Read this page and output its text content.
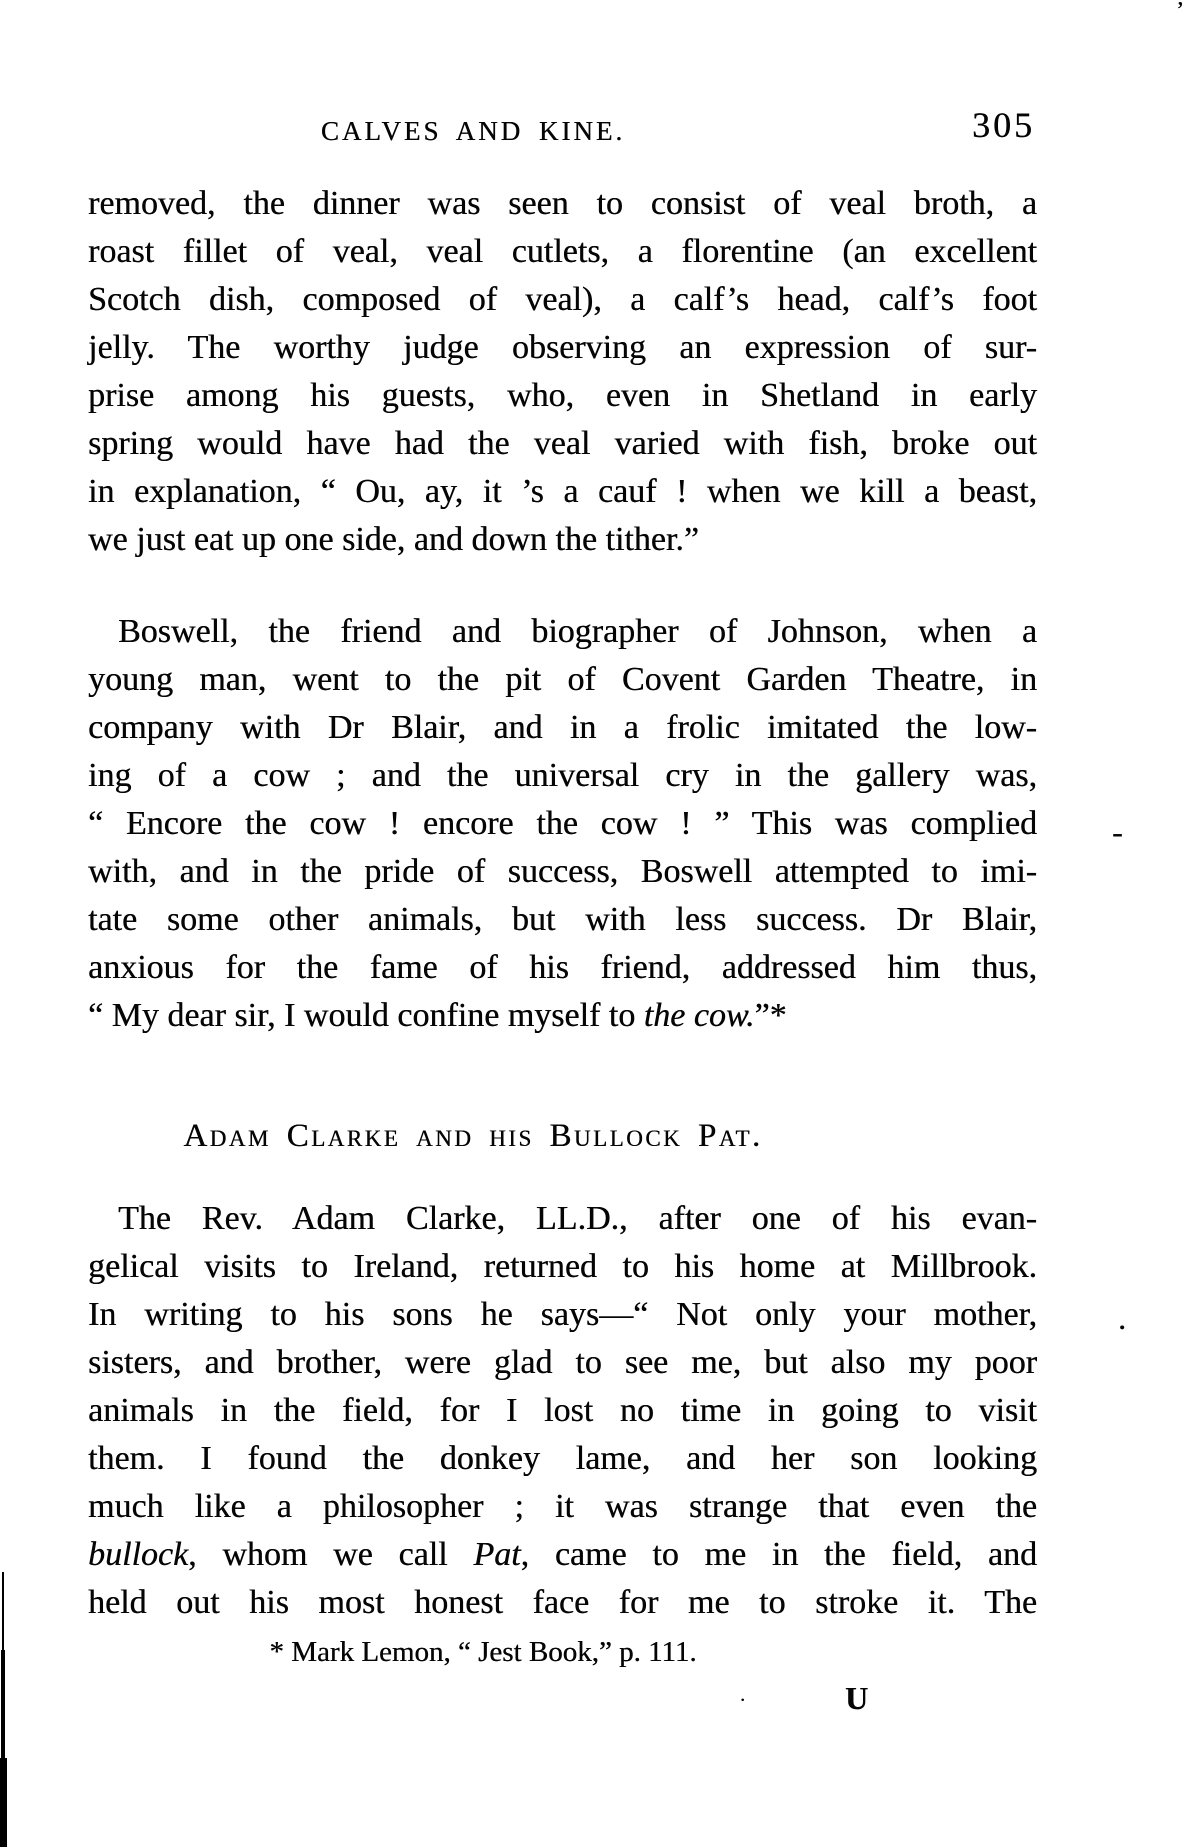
CALVES AND KINE.	305
removed, the dinner was seen to consist of veal broth, a
roast fillet of veal, veal cutlets, a florentine (an excellent
Scotch dish, composed of veal), a calf’s head, calf’s foot
jelly. The worthy judge observing an expression of sur-
prise among his guests, who, even in Shetland in early
spring would have had the veal varied with fish, broke out
in explanation, “ Ou, ay, it ’s a cauf ! when we kill a beast,
we just eat up one side, and down the tither.”
Boswell, the friend and biographer of Johnson, when a
young man, went to the pit of Covent Garden Theatre, in
company with Dr Blair, and in a frolic imitated the low-
ing of a cow ; and the universal cry in the gallery was,
“ Encore the cow ! encore the cow ! ” This was complied
with, and in the pride of success, Boswell attempted to imi-
tate some other animals, but with less success. Dr Blair,
anxious for the fame of his friend, addressed him thus,
“ My dear sir, I would confine myself to the cow.”*
Adam Clarke and his Bullock Pat.
The Rev. Adam Clarke, LL.D., after one of his evan-
gelical visits to Ireland, returned to his home at Millbrook.
In writing to his sons he says—“ Not only your mother,
sisters, and brother, were glad to see me, but also my poor
animals in the field, for I lost no time in going to visit
them. I found the donkey lame, and her son looking
much like a philosopher ; it was strange that even the
bullock, whom we call Pat, came to me in the field, and
held out his most honest face for me to stroke it. The
* Mark Lemon, “ Jest Book,” p. 111.
U
’
-
.
.
